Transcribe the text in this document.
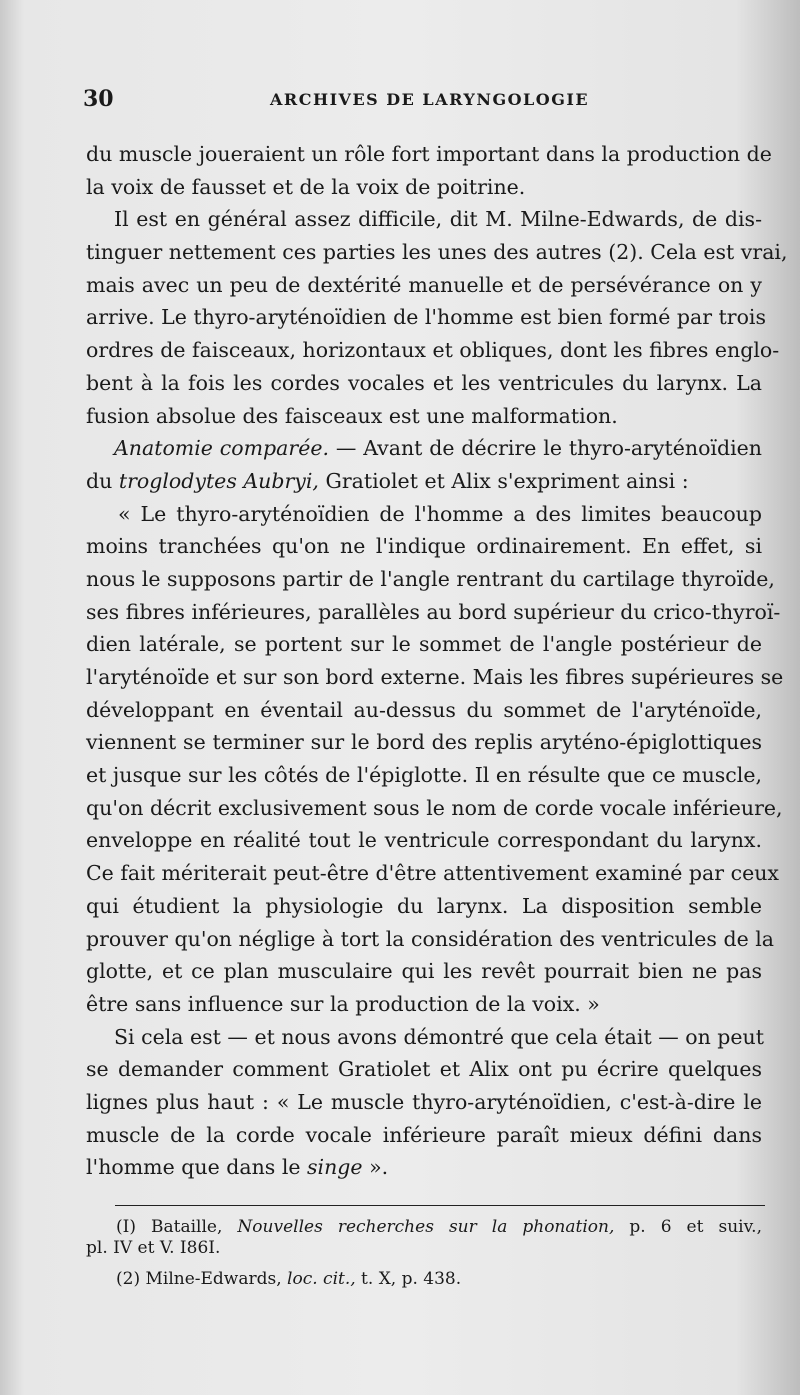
30	ARCHIVES DE LARYNGOLOGIE
du muscle joueraient un rôle fort important dans la production de
la voix de fausset et de la voix de poitrine.
Il est en général assez difficile, dit M. Milne-Edwards, de dis-
tinguer nettement ces parties les unes des autres (2). Cela est vrai,
mais avec un peu de dextérité manuelle et de persévérance on y
arrive. Le thyro-aryténoïdien de l'homme est bien formé par trois
ordres de faisceaux, horizontaux et obliques, dont les fibres englo-
bent à la fois les cordes vocales et les ventricules du larynx. La
fusion absolue des faisceaux est une malformation.
Anatomie comparée. — Avant de décrire le thyro-aryténoïdien
du troglodytes Aubryi, Gratiolet et Alix s'expriment ainsi :
« Le thyro-aryténoïdien de l'homme a des limites beaucoup
moins tranchées qu'on ne l'indique ordinairement. En effet, si
nous le supposons partir de l'angle rentrant du cartilage thyroïde,
ses fibres inférieures, parallèles au bord supérieur du crico-thyroï-
dien latérale, se portent sur le sommet de l'angle postérieur de
l'aryténoïde et sur son bord externe. Mais les fibres supérieures se
développant en éventail au-dessus du sommet de l'aryténoïde,
viennent se terminer sur le bord des replis aryténo-épiglottiques
et jusque sur les côtés de l'épiglotte. Il en résulte que ce muscle,
qu'on décrit exclusivement sous le nom de corde vocale inférieure,
enveloppe en réalité tout le ventricule correspondant du larynx.
Ce fait mériterait peut-être d'être attentivement examiné par ceux
qui étudient la physiologie du larynx. La disposition semble
prouver qu'on néglige à tort la considération des ventricules de la
glotte, et ce plan musculaire qui les revêt pourrait bien ne pas
être sans influence sur la production de la voix. »
Si cela est — et nous avons démontré que cela était — on peut
se demander comment Gratiolet et Alix ont pu écrire quelques
lignes plus haut : « Le muscle thyro-aryténoïdien, c'est-à-dire le
muscle de la corde vocale inférieure paraît mieux défini dans
l'homme que dans le singe ».
(I) Bataille, Nouvelles recherches sur la phonation, p. 6 et suiv.,
pl. IV et V. I86I.
(2) Milne-Edwards, loc. cit., t. X, p. 438.
